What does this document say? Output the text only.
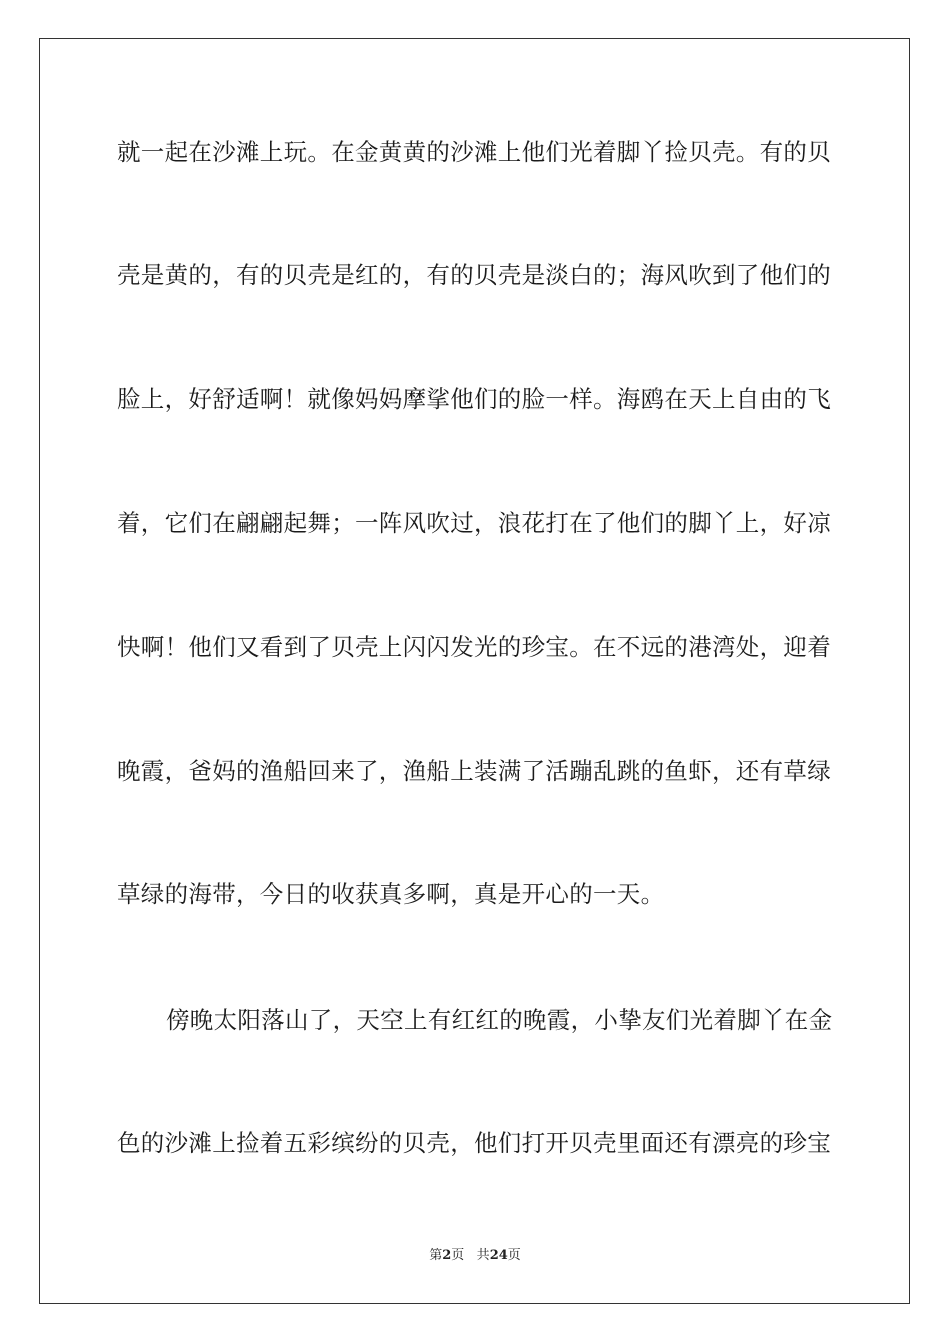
就一起在沙滩上玩。在金黄黄的沙滩上他们光着脚丫捡贝壳。有的贝
壳是黄的，有的贝壳是红的，有的贝壳是淡白的；海风吹到了他们的
脸上，好舒适啊！就像妈妈摩挲他们的脸一样。海鸥在天上自由的飞
着，它们在翩翩起舞；一阵风吹过，浪花打在了他们的脚丫上，好凉
快啊！他们又看到了贝壳上闪闪发光的珍宝。在不远的港湾处，迎着
晚霞，爸妈的渔船回来了，渔船上装满了活蹦乱跳的鱼虾，还有草绿
草绿的海带，今日的收获真多啊，真是开心的一天。
傍晚太阳落山了，天空上有红红的晚霞，小挚友们光着脚丫在金
色的沙滩上捡着五彩缤纷的贝壳，他们打开贝壳里面还有漂亮的珍宝
第2页 共24页
